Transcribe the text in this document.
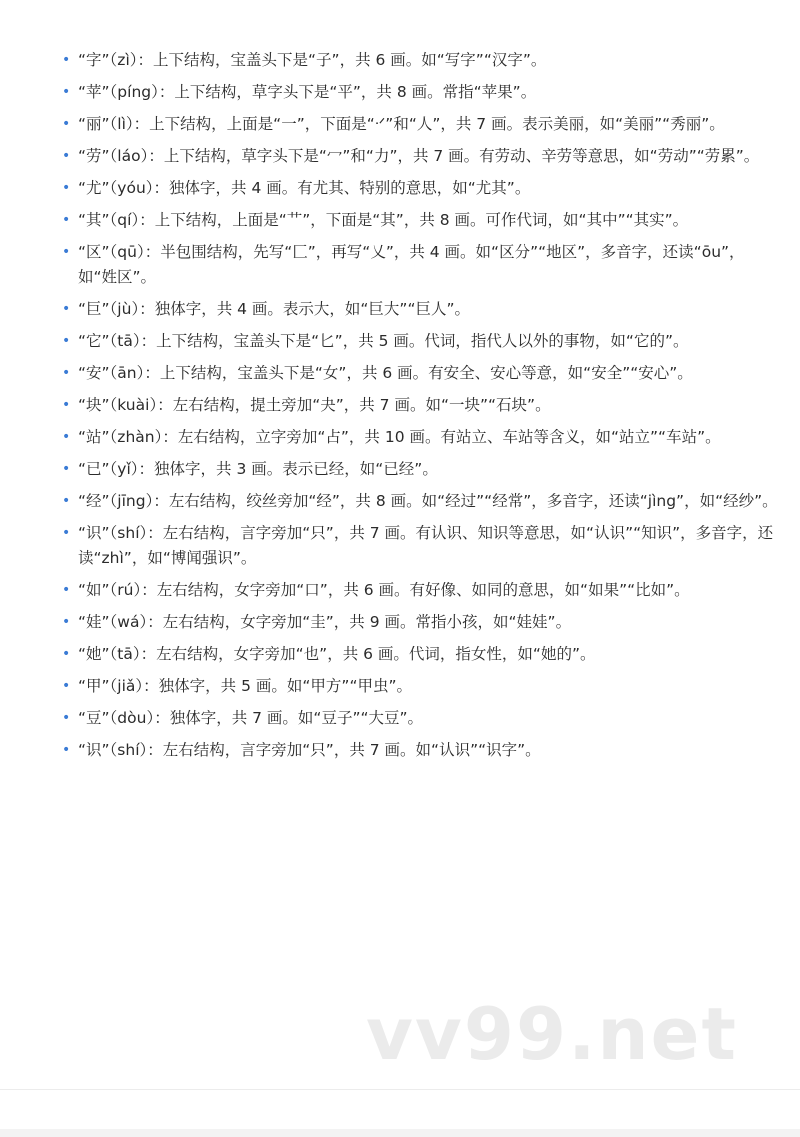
• “字”（zì）：上下结构，宝盖头下是“子”，共 6 画。如“写字”“汉字”。
• “苹”（píng）：上下结构，草字头下是“平”，共 8 画。常指“苹果”。
• “丽”（lì）：上下结构，上面是“一”，下面是“ᐧᐟ”和“人”，共 7 画。表示美丽，如“美丽”“秀丽”。
• “劳”（láo）：上下结构，草字头下是“冖”和“力”，共 7 画。有劳动、辛劳等意思，如“劳动”“劳累”。
• “尤”（yóu）：独体字，共 4 画。有尤其、特别的意思，如“尤其”。
• “其”（qí）：上下结构，上面是“艹”，下面是“其”，共 8 画。可作代词，如“其中”“其实”。
• “区”（qū）：半包围结构，先写“匚”，再写“乂”，共 4 画。如“区分”“地区”，多音字，还读“ōu”，如“姓区”。
• “巨”（jù）：独体字，共 4 画。表示大，如“巨大”“巨人”。
• “它”（tā）：上下结构，宝盖头下是“匕”，共 5 画。代词，指代人以外的事物，如“它的”。
• “安”（ān）：上下结构，宝盖头下是“女”，共 6 画。有安全、安心等意，如“安全”“安心”。
• “块”（kuài）：左右结构，提土旁加“夬”，共 7 画。如“一块”“石块”。
• “站”（zhàn）：左右结构，立字旁加“占”，共 10 画。有站立、车站等含义，如“站立”“车站”。
• “已”（yǐ）：独体字，共 3 画。表示已经，如“已经”。
• “经”（jīng）：左右结构，绞丝旁加“经”，共 8 画。如“经过”“经常”，多音字，还读“jìng”，如“经纱”。
• “识”（shí）：左右结构，言字旁加“只”，共 7 画。有认识、知识等意思，如“认识”“知识”，多音字，还读“zhì”，如“博闻强识”。
• “如”（rú）：左右结构，女字旁加“口”，共 6 画。有好像、如同的意思，如“如果”“比如”。
• “娃”（wá）：左右结构，女字旁加“圭”，共 9 画。常指小孩，如“娃娃”。
• “她”（tā）：左右结构，女字旁加“也”，共 6 画。代词，指女性，如“她的”。
• “甲”（jiǎ）：独体字，共 5 画。如“甲方”“甲虫”。
• “豆”（dòu）：独体字，共 7 画。如“豆子”“大豆”。
• “识”（shí）：左右结构，言字旁加“只”，共 7 画。如“认识”“识字”。
vv99.net
